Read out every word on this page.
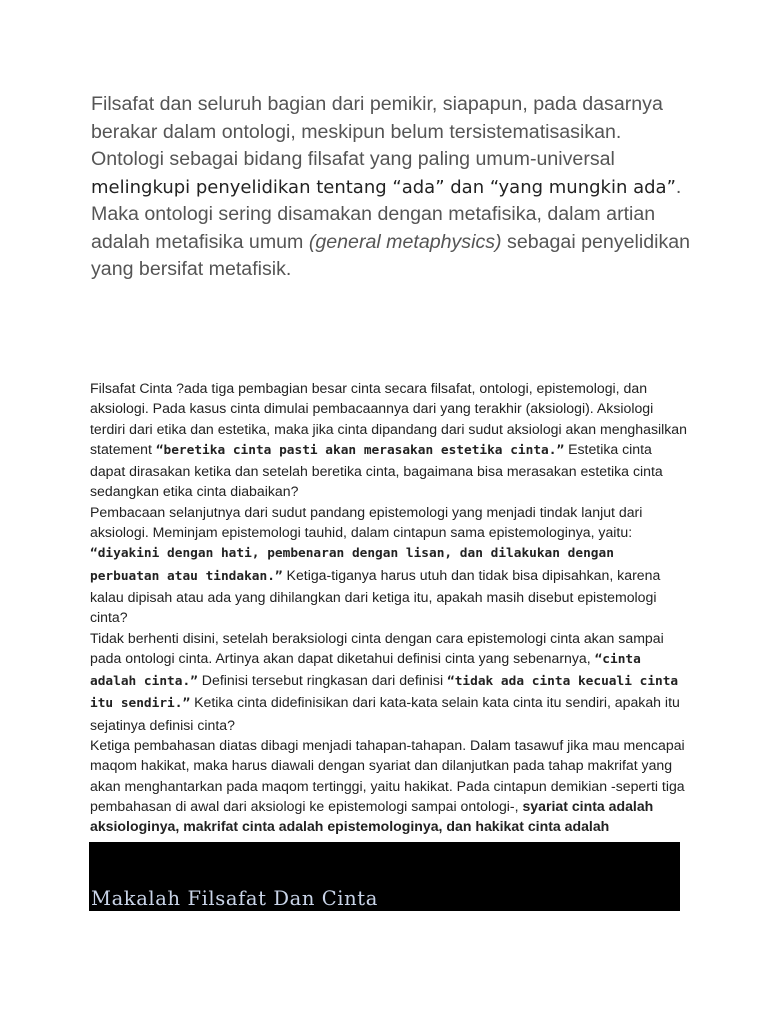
Filsafat dan seluruh bagian dari pemikir, siapapun, pada dasarnya berakar dalam ontologi, meskipun belum tersistematisasikan. Ontologi sebagai bidang filsafat yang paling umum-universal melingkupi penyelidikan tentang “ada” dan “yang mungkin ada”. Maka ontologi sering disamakan dengan metafisika, dalam artian adalah metafisika umum (general metaphysics) sebagai penyelidikan yang bersifat metafisik.

Filsafat Cinta ?ada tiga pembagian besar cinta secara filsafat, ontologi, epistemologi, dan aksiologi. Pada kasus cinta dimulai pembacaannya dari yang terakhir (aksiologi). Aksiologi terdiri dari etika dan estetika, maka jika cinta dipandang dari sudut aksiologi akan menghasilkan statement “beretika cinta pasti akan merasakan estetika cinta.” Estetika cinta dapat dirasakan ketika dan setelah beretika cinta, bagaimana bisa merasakan estetika cinta sedangkan etika cinta diabaikan?

Pembacaan selanjutnya dari sudut pandang epistemologi yang menjadi tindak lanjut dari aksiologi. Meminjam epistemologi tauhid, dalam cintapun sama epistemologinya, yaitu: “diyakini dengan hati, pembenaran dengan lisan, dan dilakukan dengan perbuatan atau tindakan.” Ketiga-tiganya harus utuh dan tidak bisa dipisahkan, karena kalau dipisah atau ada yang dihilangkan dari ketiga itu, apakah masih disebut epistemologi cinta?

Tidak berhenti disini, setelah beraksiologi cinta dengan cara epistemologi cinta akan sampai pada ontologi cinta. Artinya akan dapat diketahui definisi cinta yang sebenarnya, “cinta adalah cinta.” Definisi tersebut ringkasan dari definisi “tidak ada cinta kecuali cinta itu sendiri.” Ketika cinta didefinisikan dari kata-kata selain kata cinta itu sendiri, apakah itu sejatinya definisi cinta?

Ketiga pembahasan diatas dibagi menjadi tahapan-tahapan. Dalam tasawuf jika mau mencapai maqom hakikat, maka harus diawali dengan syariat dan dilanjutkan pada tahap makrifat yang akan menghantarkan pada maqom tertinggi, yaitu hakikat. Pada cintapun demikian -seperti tiga pembahasan di awal dari aksiologi ke epistemologi sampai ontologi-, syariat cinta adalah aksiologinya, makrifat cinta adalah epistemologinya, dan hakikat cinta adalah

Makalah Filsafat Dan Cinta
